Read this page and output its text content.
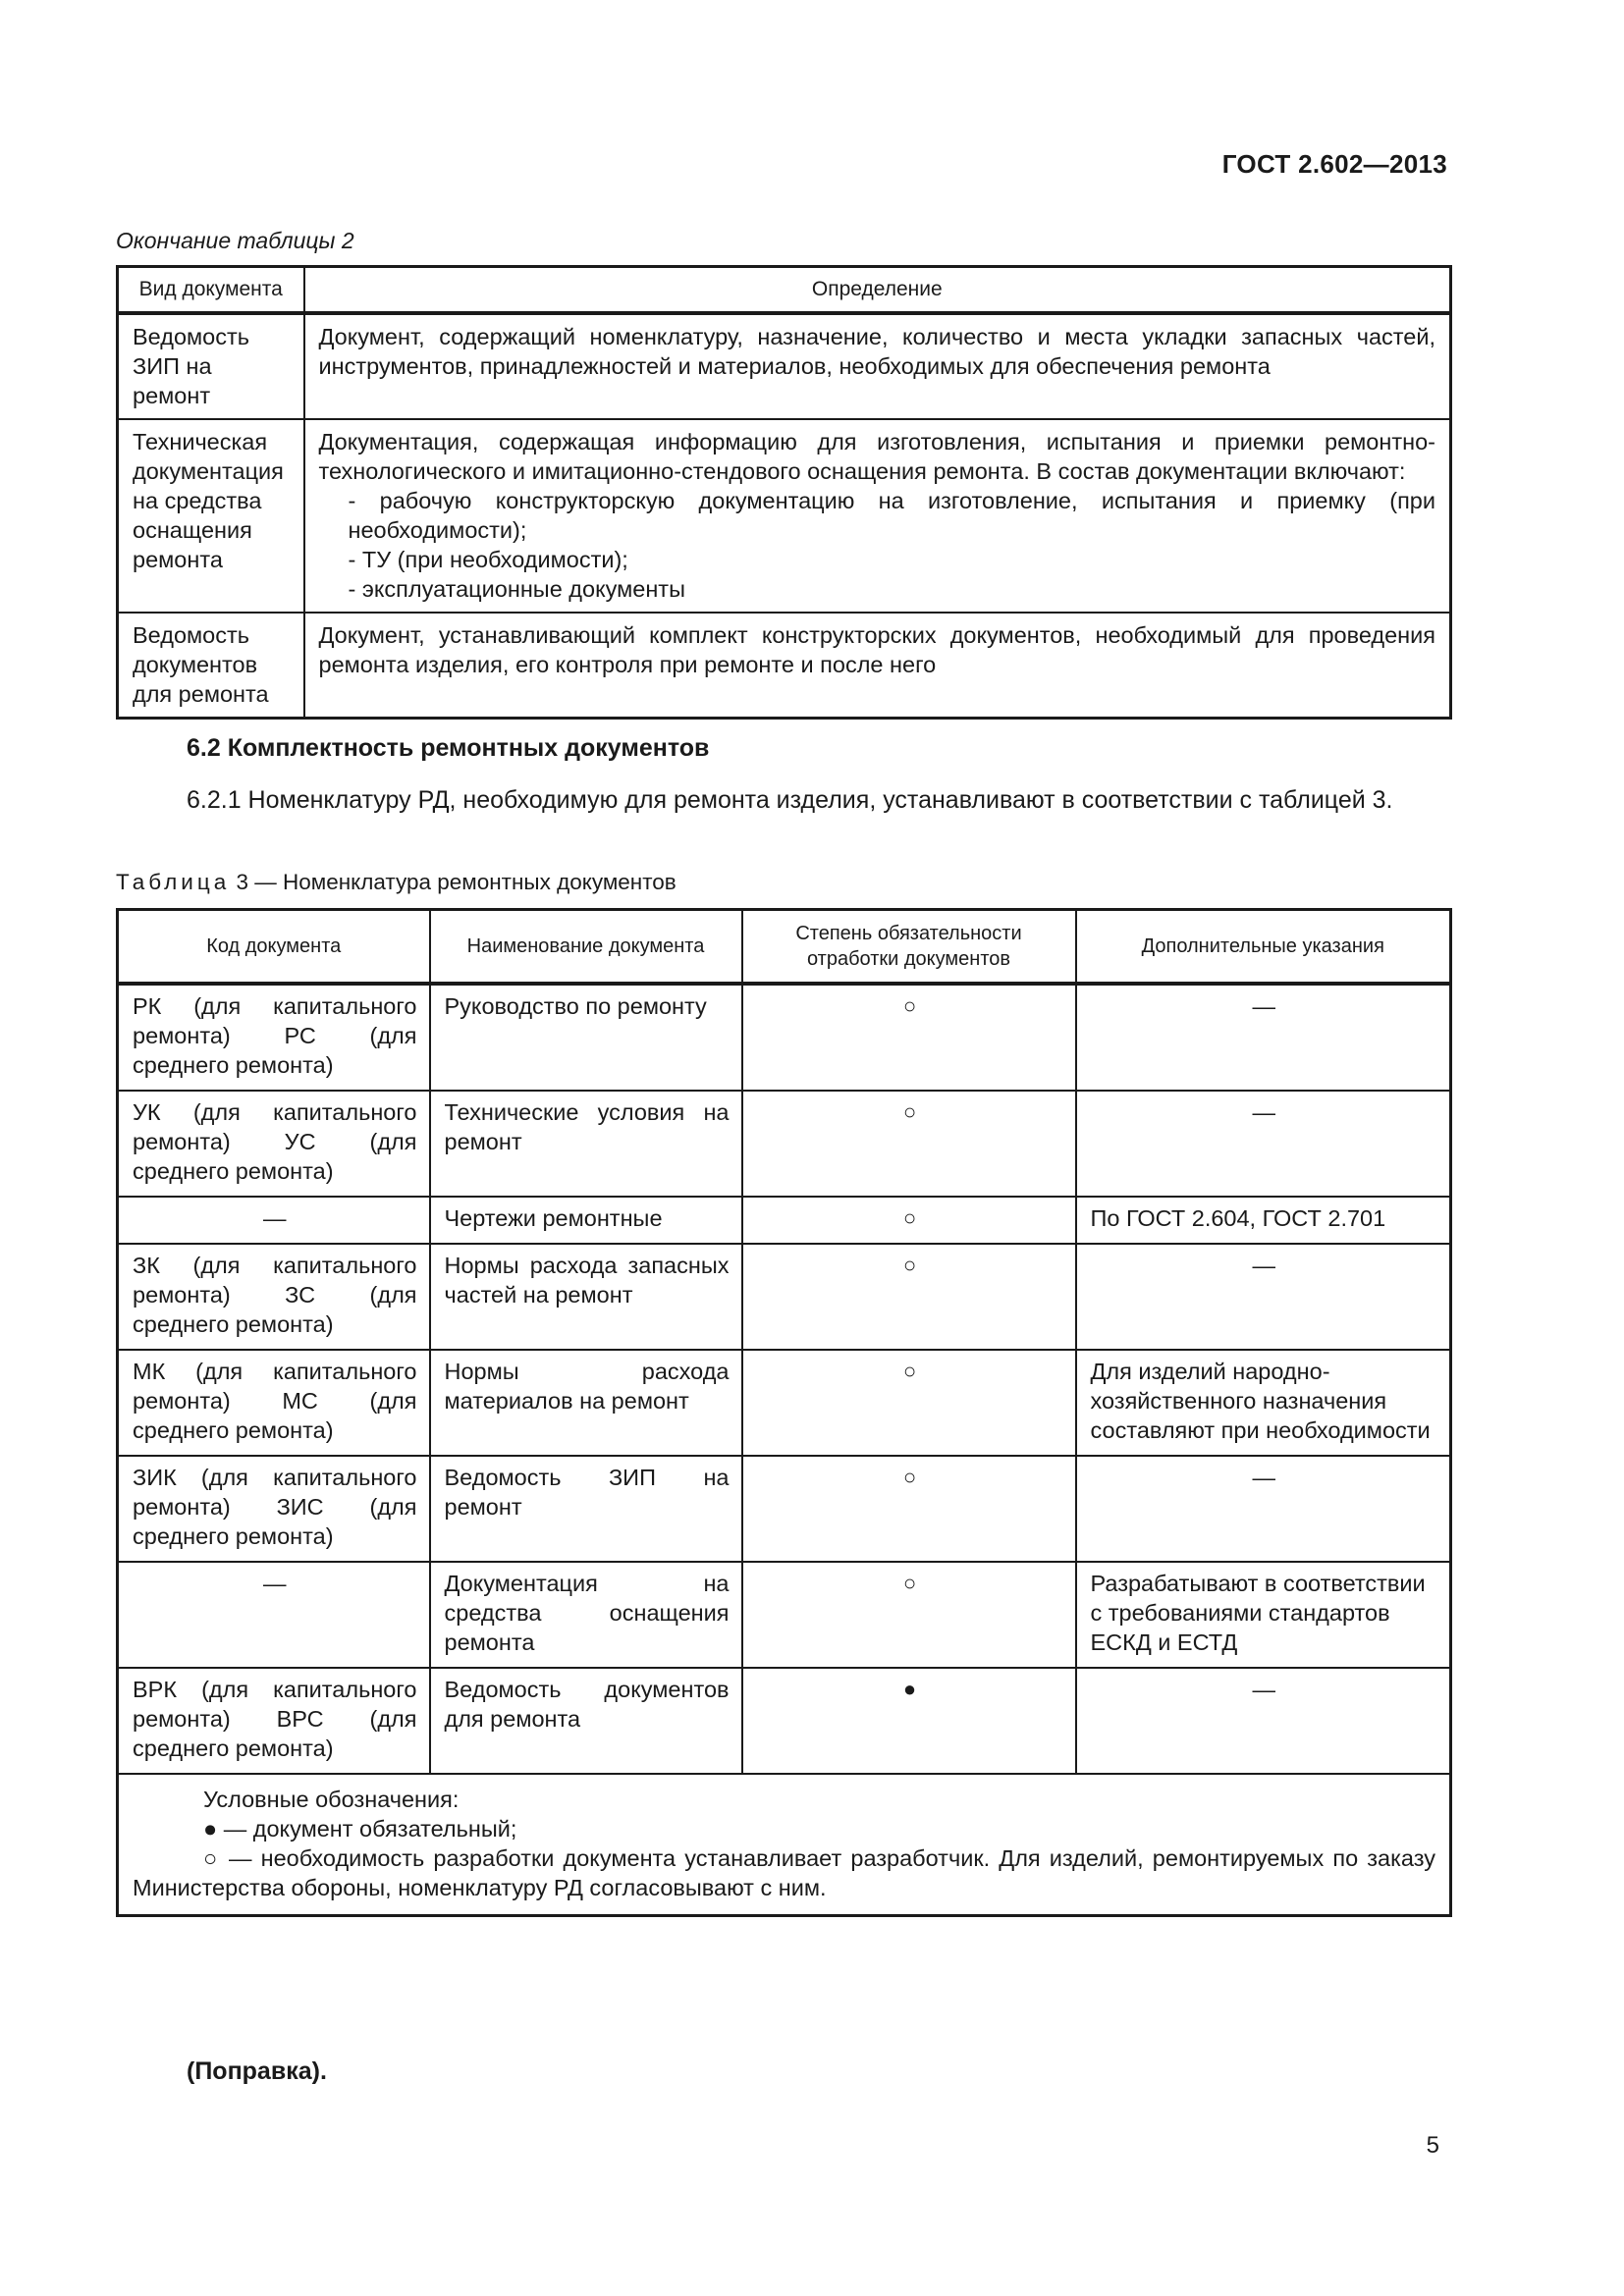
ГОСТ 2.602—2013
Окончание таблицы 2
Вид документа	Определение
Ведомость ЗИП на ремонт	Документ, содержащий номенклатуру, назначение, количество и места укладки запасных частей, инструментов, принадлежностей и материалов, необходимых для обеспечения ремонта
Техническая документация на средства оснащения ремонта	Документация, содержащая информацию для изготовления, испытания и приемки ремонтно-технологического и имитационно-стендового оснащения ремонта. В состав документации включают:
- рабочую конструкторскую документацию на изготовление, испытания и приемку (при необходимости);
- ТУ (при необходимости);
- эксплуатационные документы

Ведомость документов для ремонта	Документ, устанавливающий комплект конструкторских документов, необходимый для проведения ремонта изделия, его контроля при ремонте и после него
6.2 Комплектность ремонтных документов
6.2.1 Номенклатуру РД, необходимую для ремонта изделия, устанавливают в соответствии с таблицей 3.
Таблица 3 — Номенклатура ремонтных документов
Код документа	Наименование документа	Степень обязательности отработки документов	Дополнительные указания
РК (для капитального ремонта) РС (для среднего ремонта)	Руководство по ремонту	○	—
УК (для капитального ремонта) УС (для среднего ремонта)	Технические условия на ремонт	○	—
—	Чертежи ремонтные	○	По ГОСТ 2.604, ГОСТ 2.701
ЗК (для капитального ремонта) ЗС (для среднего ремонта)	Нормы расхода запасных частей на ремонт	○	—
МК (для капитального ремонта) МС (для среднего ремонта)	Нормы расхода материалов на ремонт	○	Для изделий народно-хозяйственного назначения составляют при необходимости
ЗИК (для капитального ремонта) ЗИС (для среднего ремонта)	Ведомость ЗИП на ремонт	○	—
—	Документация на средства оснащения ремонта	○	Разрабатывают в соответствии с требованиями стандартов ЕСКД и ЕСТД
ВРК (для капитального ремонта) ВРС (для среднего ремонта)	Ведомость документов для ремонта	●	—

Условные обозначения:
● — документ обязательный;
○ — необходимость разработки документа устанавливает разработчик. Для изделий, ремонтируемых по заказу Министерства обороны, номенклатуру РД согласовывают с ним.			
(Поправка).
5
